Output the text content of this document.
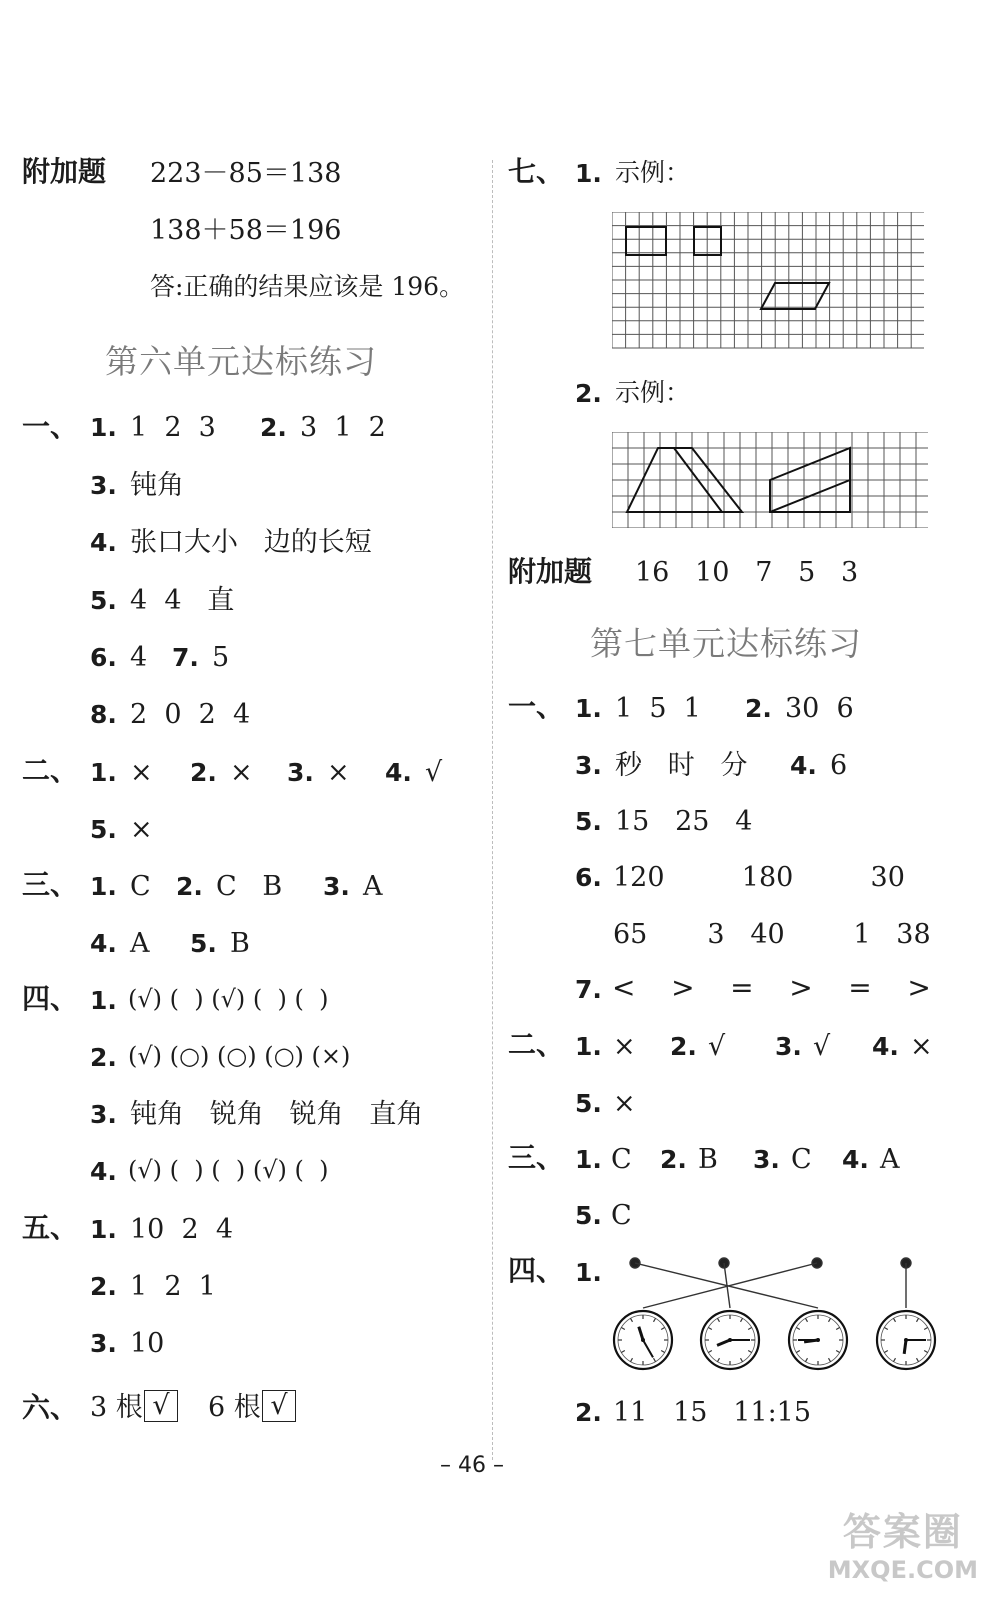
附加题 223－85＝138
138＋58＝196
答:正确的结果应该是 196。
第六单元达标练习
一、 1. 1  2  3 2. 3  1  2
3. 钝角
4. 张口大小   边的长短
5. 4  4   直
6. 4 7. 5
8. 2  0  2  4
二、 1. × 2. × 3. × 4. √
5. ×
三、 1. C 2. C   B 3. A
4. A 5. B
四、 1. (√) (  ) (√) (  ) (  )
2. (√) (○) (○) (○) (×)
3. 钝角   锐角   锐角   直角
4. (√) (  ) (  ) (√) (  )
五、 1. 10  2  4
2. 1  2  1
3. 10
六、 3 根 √	6 根 √
七、 1. 示例：
2. 示例：
附加题 16   10   7   5   3
第七单元达标练习
一、 1. 1  5  1 2. 30  6
3. 秒   时   分 4. 6
5. 15   25   4
6. 120         180         30
65       3   40        1   38
7. <    >    =    >    =    >
二、 1. × 2. √ 3. √ 4. ×
5. ×
三、 1. C 2. B 3. C 4. A
5. C
四、 1.
2. 11   15   11:15
– 46 –
答案圈
MXQE.COM
